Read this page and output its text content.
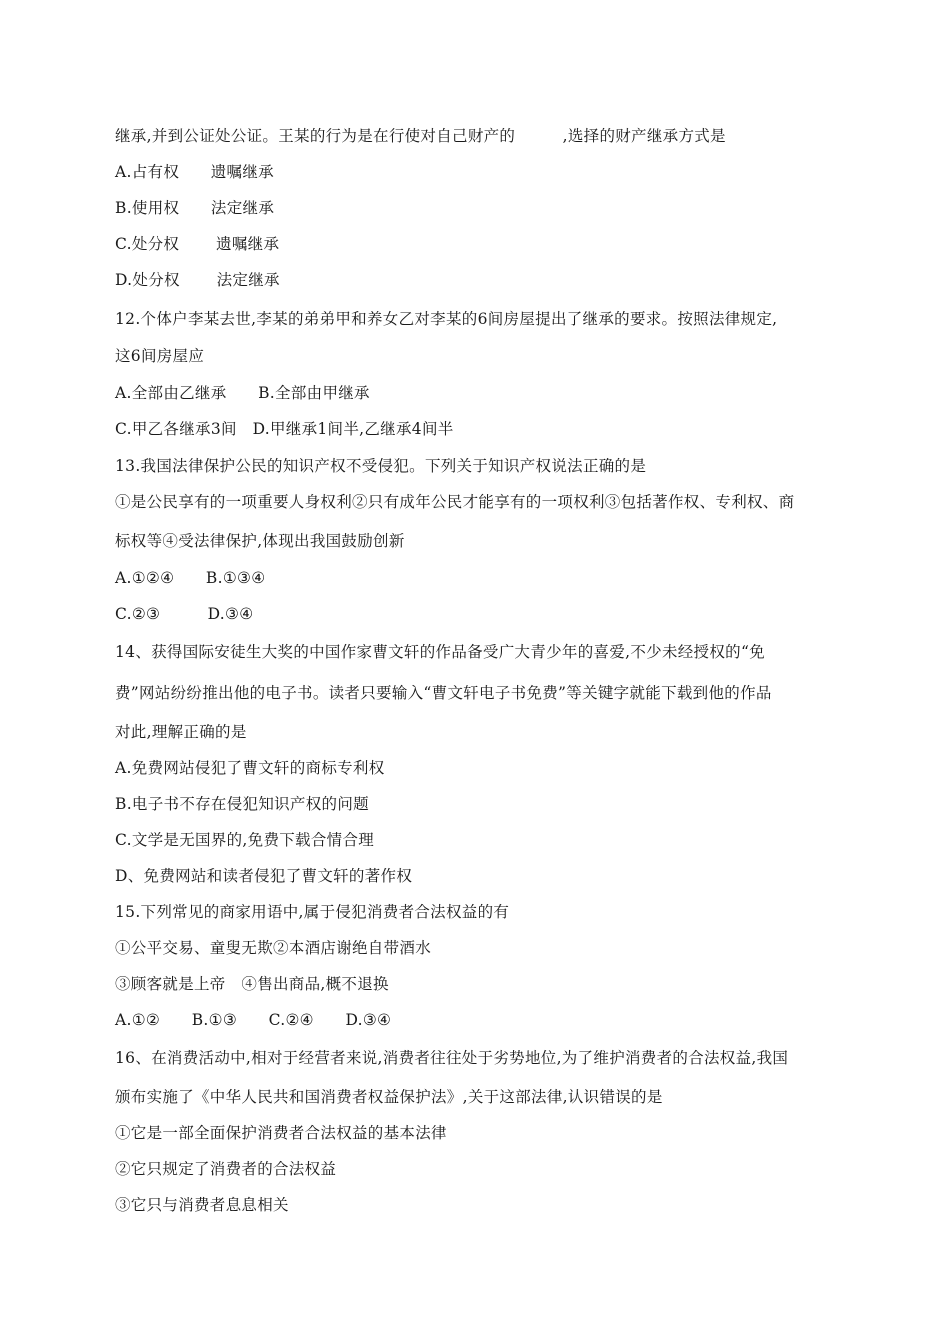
继承,并到公证处公证。王某的行为是在行使对自己财产的　　　,选择的财产继承方式是
A.占有权　　遗嘱继承
B.使用权　　法定继承
C.处分权　　 遗嘱继承
D.处分权　　 法定继承
12.个体户李某去世,李某的弟弟甲和养女乙对李某的6间房屋提出了继承的要求。按照法律规定,
这6间房屋应
A.全部由乙继承　　B.全部由甲继承
C.甲乙各继承3间　D.甲继承1间半,乙继承4间半
13.我国法律保护公民的知识产权不受侵犯。下列关于知识产权说法正确的是
①是公民享有的一项重要人身权利②只有成年公民才能享有的一项权利③包括著作权、专利权、商
标权等④受法律保护,体现出我国鼓励创新
A.①②④　　B.①③④
C.②③　　　D.③④
14、获得国际安徒生大奖的中国作家曹文轩的作品备受广大青少年的喜爱,不少未经授权的“免
费”网站纷纷推出他的电子书。读者只要输入“曹文轩电子书免费”等关键字就能下载到他的作品
对此,理解正确的是
A.免费网站侵犯了曹文轩的商标专利权
B.电子书不存在侵犯知识产权的问题
C.文学是无国界的,免费下载合情合理
D、免费网站和读者侵犯了曹文轩的著作权
15.下列常见的商家用语中,属于侵犯消费者合法权益的有
①公平交易、童叟无欺②本酒店谢绝自带酒水
③顾客就是上帝　④售出商品,概不退换
A.①②　　B.①③　　C.②④　　D.③④
16、在消费活动中,相对于经营者来说,消费者往往处于劣势地位,为了维护消费者的合法权益,我国
颁布实施了《中华人民共和国消费者权益保护法》,关于这部法律,认识错误的是
①它是一部全面保护消费者合法权益的基本法律
②它只规定了消费者的合法权益
③它只与消费者息息相关
